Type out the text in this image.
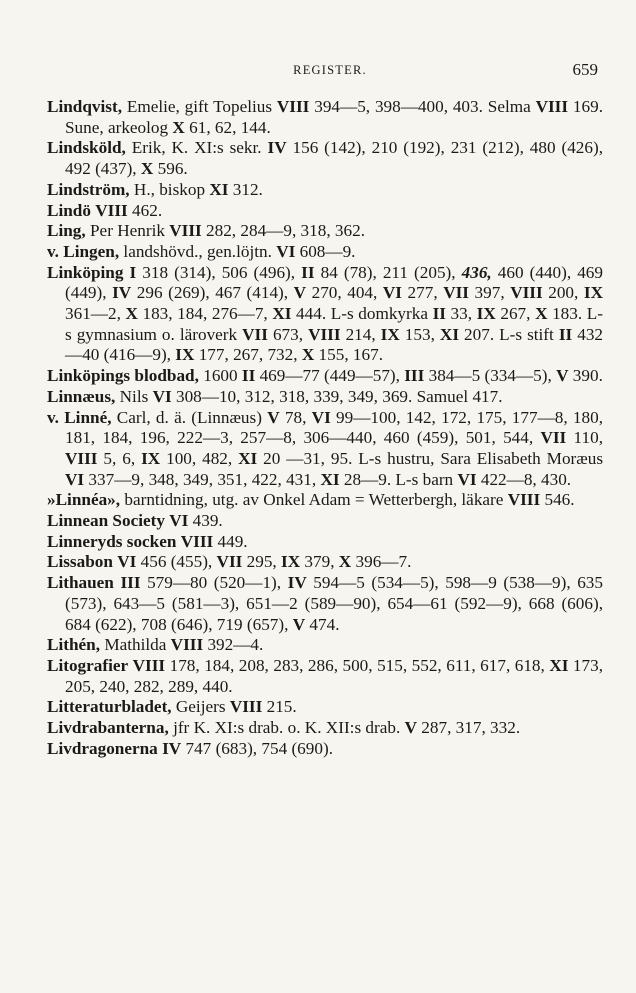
REGISTER.	659
Lindqvist, Emelie, gift Topelius VIII 394—5, 398—400, 403. Selma VIII 169. Sune, arkeolog X 61, 62, 144.
Lindsköld, Erik, K. XI:s sekr. IV 156 (142), 210 (192), 231 (212), 480 (426), 492 (437), X 596.
Lindström, H., biskop XI 312.
Lindö VIII 462.
Ling, Per Henrik VIII 282, 284—9, 318, 362.
v. Lingen, landshövd., gen.löjtn. VI 608—9.
Linköping I 318 (314), 506 (496), II 84 (78), 211 (205), 436, 460 (440), 469 (449), IV 296 (269), 467 (414), V 270, 404, VI 277, VII 397, VIII 200, IX 361—2, X 183, 184, 276—7, XI 444. L-s domkyrka II 33, IX 267, X 183. L-s gymnasium o. läroverk VII 673, VIII 214, IX 153, XI 207. L-s stift II 432—40 (416—9), IX 177, 267, 732, X 155, 167.
Linköpings blodbad, 1600 II 469—77 (449—57), III 384—5 (334—5), V 390.
Linnæus, Nils VI 308—10, 312, 318, 339, 349, 369. Samuel 417.
v. Linné, Carl, d. ä. (Linnæus) V 78, VI 99—100, 142, 172, 175, 177—8, 180, 181, 184, 196, 222—3, 257—8, 306—440, 460 (459), 501, 544, VII 110, VIII 5, 6, IX 100, 482, XI 20 —31, 95. L-s hustru, Sara Elisabeth Moræus VI 337—9, 348, 349, 351, 422, 431, XI 28—9. L-s barn VI 422—8, 430.
»Linnéa», barntidning, utg. av Onkel Adam = Wetterbergh, läkare VIII 546.
Linnean Society VI 439.
Linneryds socken VIII 449.
Lissabon VI 456 (455), VII 295, IX 379, X 396—7.
Lithauen III 579—80 (520—1), IV 594—5 (534—5), 598—9 (538—9), 635 (573), 643—5 (581—3), 651—2 (589—90), 654—61 (592—9), 668 (606), 684 (622), 708 (646), 719 (657), V 474.
Lithén, Mathilda VIII 392—4.
Litografier VIII 178, 184, 208, 283, 286, 500, 515, 552, 611, 617, 618, XI 173, 205, 240, 282, 289, 440.
Litteraturbladet, Geijers VIII 215.
Livdrabanterna, jfr K. XI:s drab. o. K. XII:s drab. V 287, 317, 332.
Livdragonerna IV 747 (683), 754 (690).
